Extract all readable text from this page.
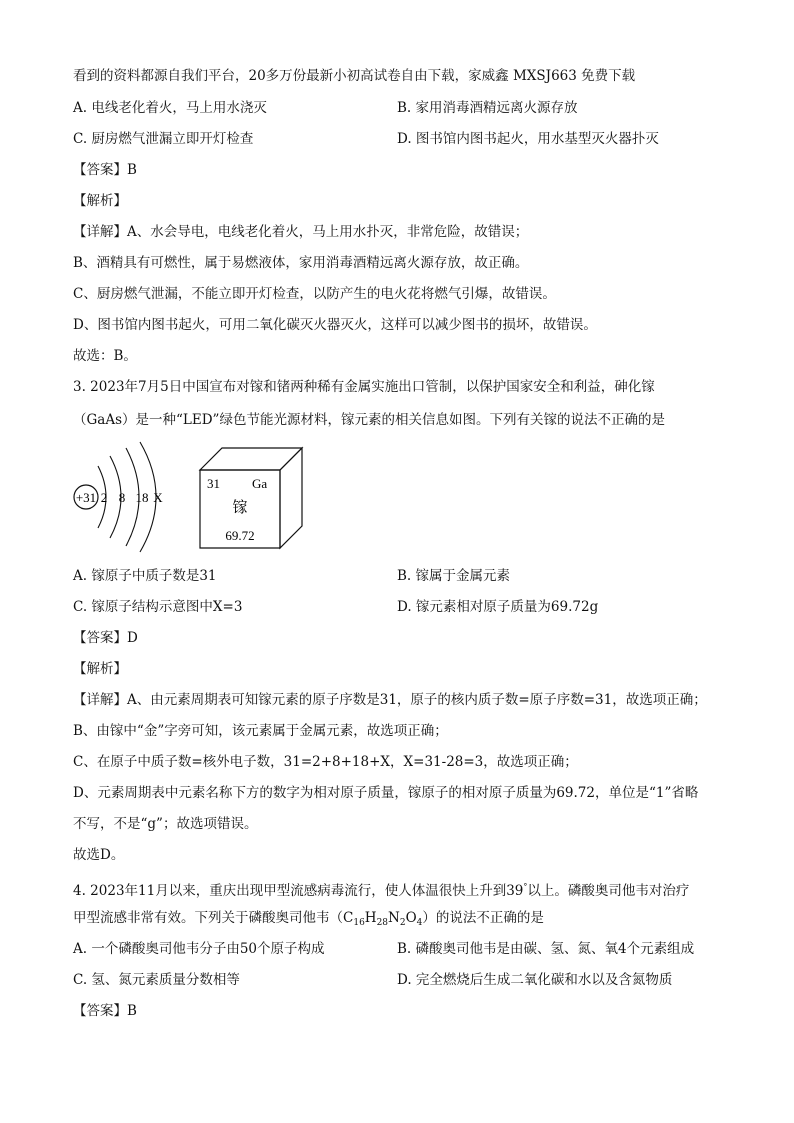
看到的资料都源自我们平台，20多万份最新小初高试卷自由下载，家威鑫 MXSJ663 免费下载
A. 电线老化着火，马上用水浇灭	B. 家用消毒酒精远离火源存放
C. 厨房燃气泄漏立即开灯检查	D. 图书馆内图书起火，用水基型灭火器扑灭
【答案】B
【解析】
【详解】A、水会导电，电线老化着火，马上用水扑灭，非常危险，故错误；
B、酒精具有可燃性，属于易燃液体，家用消毒酒精远离火源存放，故正确。
C、厨房燃气泄漏，不能立即开灯检查，以防产生的电火花将燃气引爆，故错误。
D、图书馆内图书起火，可用二氧化碳灭火器灭火，这样可以减少图书的损坏，故错误。
故选：B。
3. 2023年7月5日中国宣布对镓和锗两种稀有金属实施出口管制，以保护国家安全和利益，砷化镓
（GaAs）是一种“LED”绿色节能光源材料，镓元素的相关信息如图。下列有关镓的说法不正确的是
+31 2 8 18 X
31 Ga
镓
69.72
A. 镓原子中质子数是31	B. 镓属于金属元素
C. 镓原子结构示意图中X=3	D. 镓元素相对原子质量为69.72g
【答案】D
【解析】
【详解】A、由元素周期表可知镓元素的原子序数是31，原子的核内质子数=原子序数=31，故选项正确；
B、由镓中“金”字旁可知，该元素属于金属元素，故选项正确；
C、在原子中质子数=核外电子数，31=2+8+18+X，X=31-28=3，故选项正确；
D、元素周期表中元素名称下方的数字为相对原子质量，镓原子的相对原子质量为69.72，单位是“1”省略
不写，不是“g”；故选项错误。
故选D。
4. 2023年11月以来，重庆出现甲型流感病毒流行，使人体温很快上升到39°以上。磷酸奥司他韦对治疗
甲型流感非常有效。下列关于磷酸奥司他韦$(C_{16}H_{28}N_2O_4)$的说法不正确的是
A. 一个磷酸奥司他韦分子由50个原子构成	B. 磷酸奥司他韦是由碳、氢、氮、氧4个元素组成
C. 氢、氮元素质量分数相等	D. 完全燃烧后生成二氧化碳和水以及含氮物质
【答案】B
